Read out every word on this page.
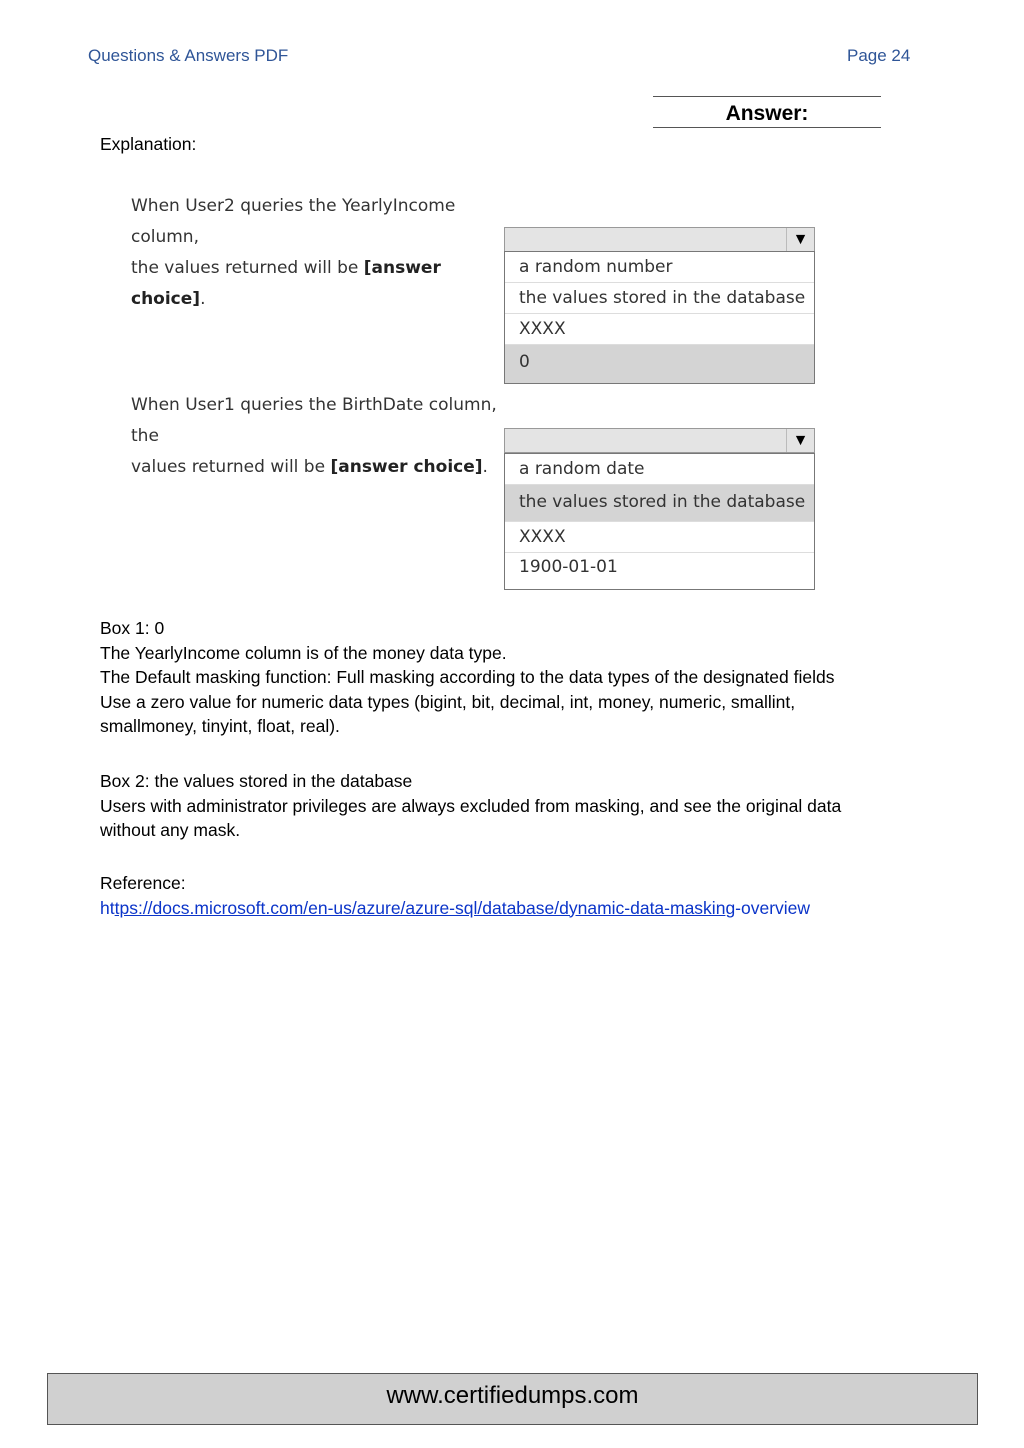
Questions & Answers PDF	Page 24
Answer:
Explanation:
When User2 queries the YearlyIncome column,
the values returned will be [answer choice].
▼
a random number
the values stored in the database
XXXX
0
When User1 queries the BirthDate column, the
values returned will be [answer choice].
▼
a random date
the values stored in the database
XXXX
1900-01-01
Box 1: 0
The YearlyIncome column is of the money data type.
The Default masking function: Full masking according to the data types of the designated fields
Use a zero value for numeric data types (bigint, bit, decimal, int, money, numeric, smallint,
smallmoney, tinyint, float, real).
Box 2: the values stored in the database
Users with administrator privileges are always excluded from masking, and see the original data
without any mask.
Reference:
https://docs.microsoft.com/en-us/azure/azure-sql/database/dynamic-data-masking-overview
www.certifiedumps.com
